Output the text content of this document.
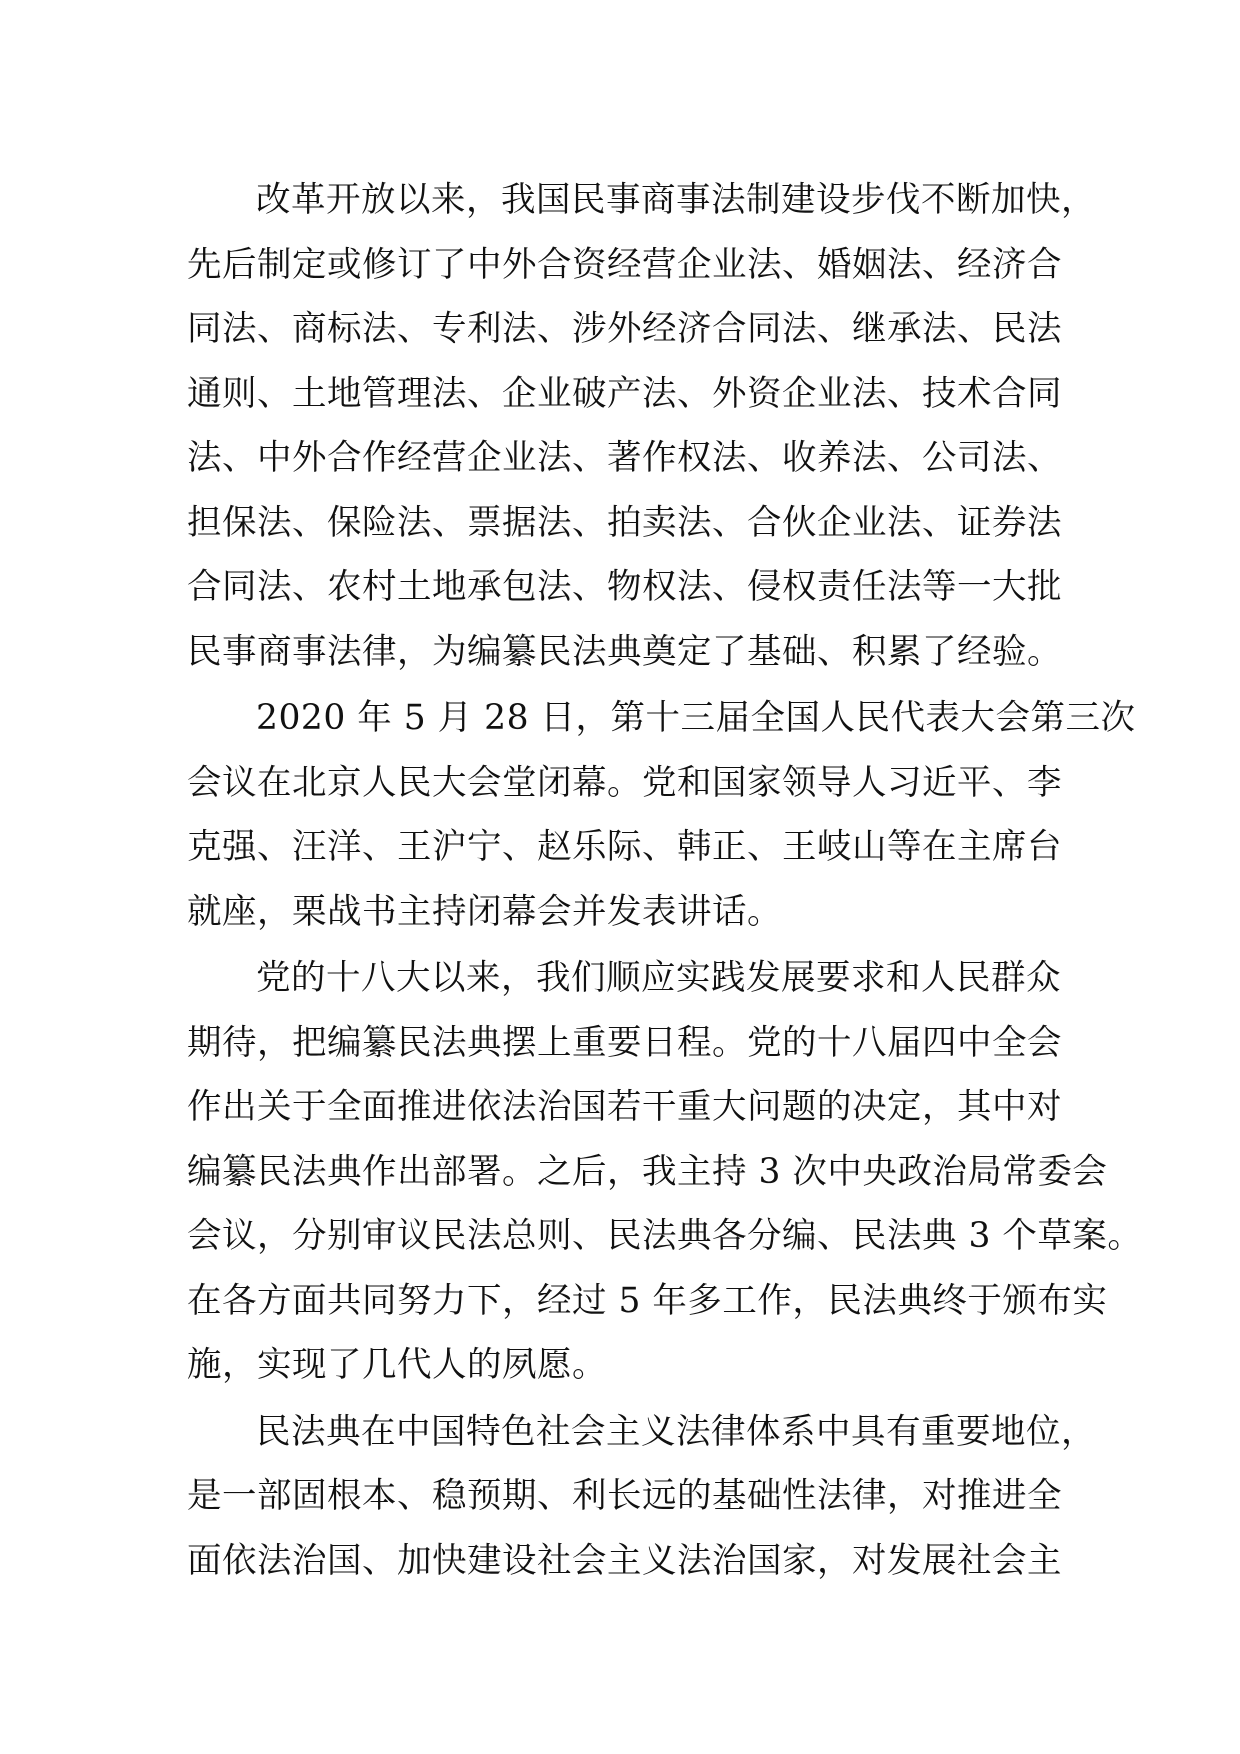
改革开放以来，我国民事商事法制建设步伐不断加快，
先后制定或修订了中外合资经营企业法、婚姻法、经济合
同法、商标法、专利法、涉外经济合同法、继承法、民法
通则、土地管理法、企业破产法、外资企业法、技术合同
法、中外合作经营企业法、著作权法、收养法、公司法、
担保法、保险法、票据法、拍卖法、合伙企业法、证券法
合同法、农村土地承包法、物权法、侵权责任法等一大批
民事商事法律，为编纂民法典奠定了基础、积累了经验。
2020 年 5 月 28 日，第十三届全国人民代表大会第三次
会议在北京人民大会堂闭幕。党和国家领导人习近平、李
克强、汪洋、王沪宁、赵乐际、韩正、王岐山等在主席台
就座，栗战书主持闭幕会并发表讲话。
党的十八大以来，我们顺应实践发展要求和人民群众
期待，把编纂民法典摆上重要日程。党的十八届四中全会
作出关于全面推进依法治国若干重大问题的决定，其中对
编纂民法典作出部署。之后，我主持 3 次中央政治局常委会
会议，分别审议民法总则、民法典各分编、民法典 3 个草案。
在各方面共同努力下，经过 5 年多工作，民法典终于颁布实
施，实现了几代人的夙愿。
民法典在中国特色社会主义法律体系中具有重要地位，
是一部固根本、稳预期、利长远的基础性法律，对推进全
面依法治国、加快建设社会主义法治国家，对发展社会主
